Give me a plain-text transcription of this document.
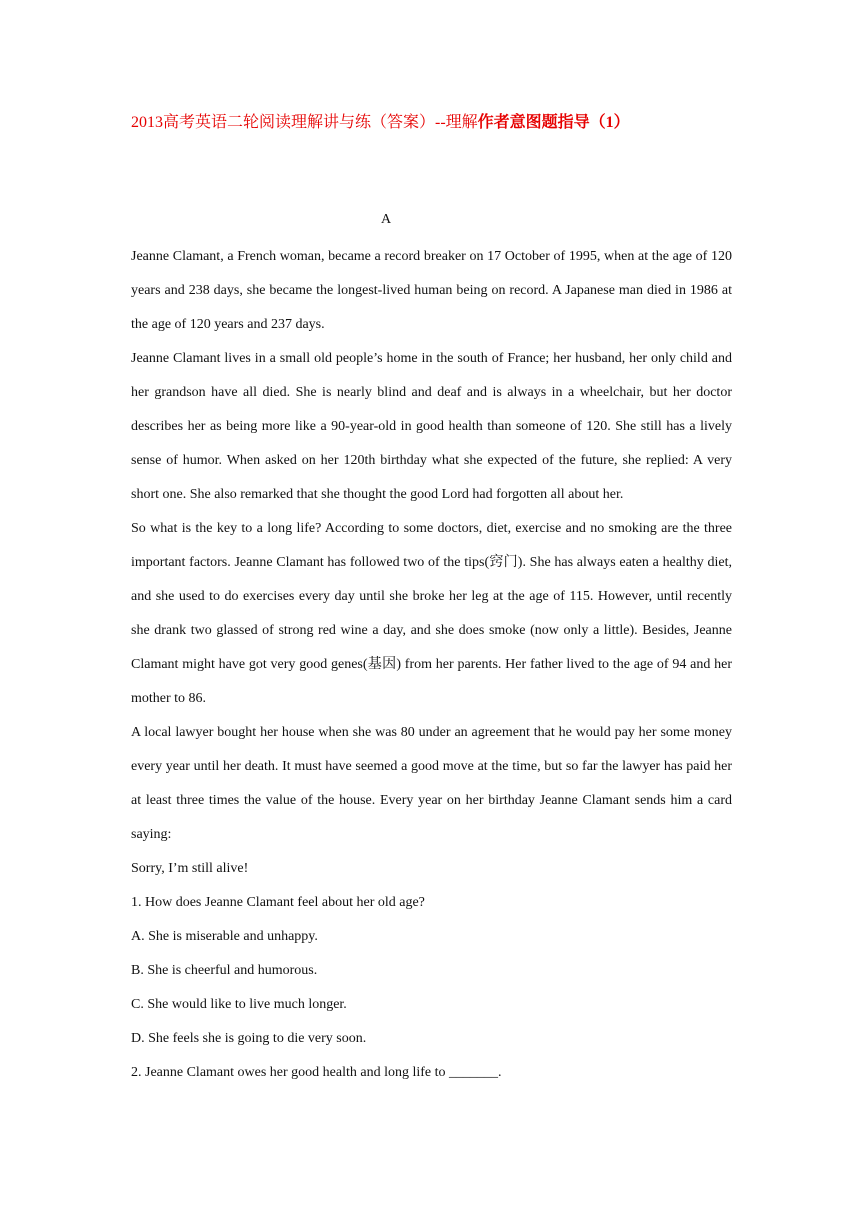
2013高考英语二轮阅读理解讲与练（答案）--理解作者意图题指导（1）
A

Jeanne Clamant, a French woman, became a record breaker on 17 October of 1995, when at the age of 120 years and 238 days, she became the longest-lived human being on record. A Japanese man died in 1986 at the age of 120 years and 237 days.

Jeanne Clamant lives in a small old people’s home in the south of France; her husband, her only child and her grandson have all died. She is nearly blind and deaf and is always in a wheelchair, but her doctor describes her as being more like a 90-year-old in good health than someone of 120. She still has a lively sense of humor. When asked on her 120th birthday what she expected of the future, she replied: A very short one. She also remarked that she thought the good Lord had forgotten all about her.

So what is the key to a long life? According to some doctors, diet, exercise and no smoking are the three important factors. Jeanne Clamant has followed two of the tips(窍门). She has always eaten a healthy diet, and she used to do exercises every day until she broke her leg at the age of 115. However, until recently she drank two glassed of strong red wine a day, and she does smoke (now only a little). Besides, Jeanne Clamant might have got very good genes(基因) from her parents. Her father lived to the age of 94 and her mother to 86.

A local lawyer bought her house when she was 80 under an agreement that he would pay her some money every year until her death. It must have seemed a good move at the time, but so far the lawyer has paid her at least three times the value of the house. Every year on her birthday Jeanne Clamant sends him a card saying:

Sorry, I’m still alive!

1. How does Jeanne Clamant feel about her old age?

A. She is miserable and unhappy.

B. She is cheerful and humorous.

C. She would like to live much longer.

D. She feels she is going to die very soon.

2. Jeanne Clamant owes her good health and long life to _______.
